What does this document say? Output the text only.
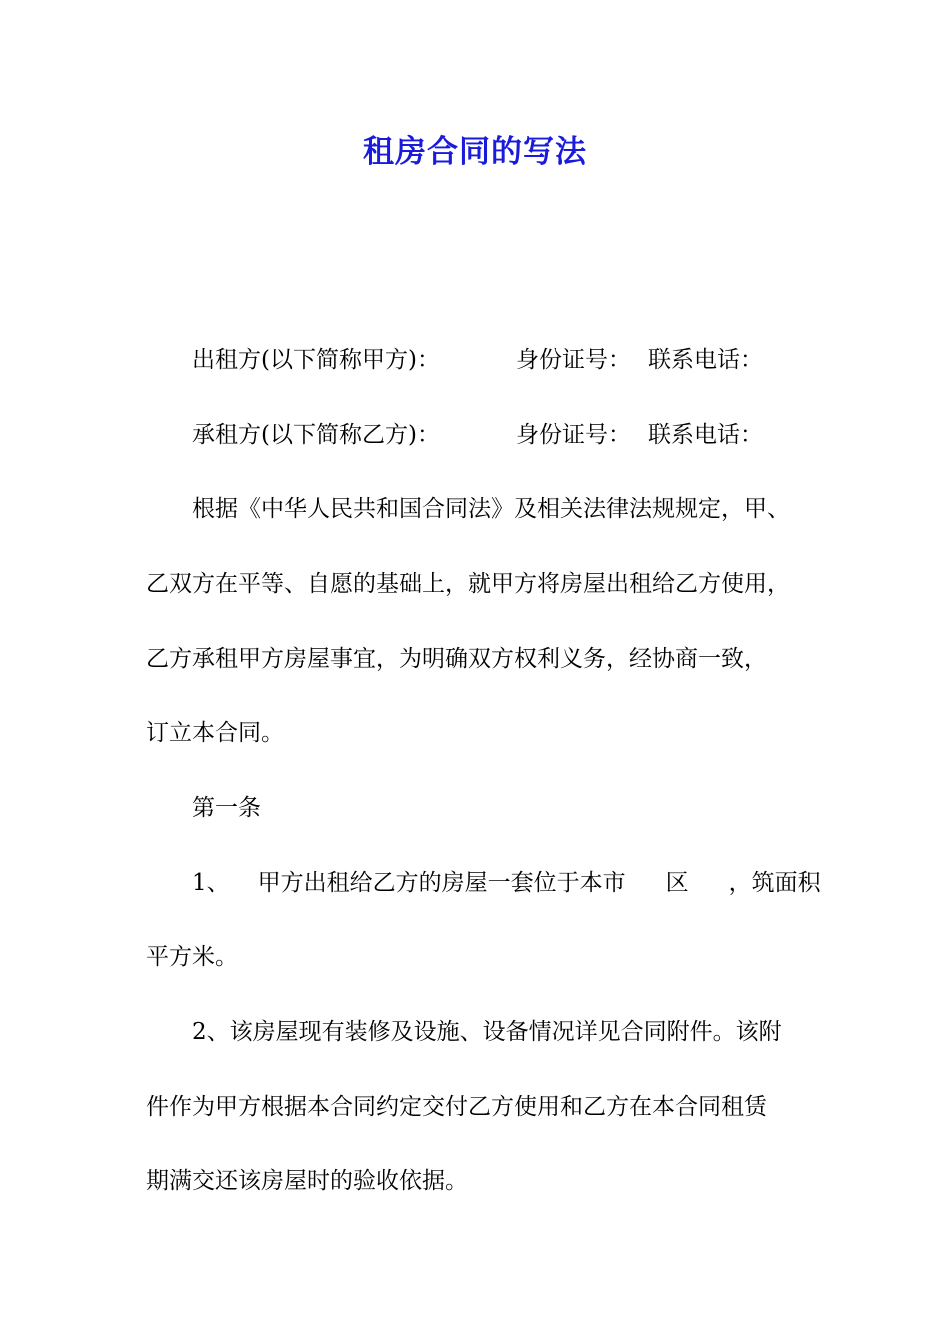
租房合同的写法
出租方(以下简称甲方)：	身份证号： 联系电话：
承租方(以下简称乙方)：	身份证号： 联系电话：

根据《中华人民共和国合同法》及相关法律法规规定，甲、

乙双方在平等、自愿的基础上，就甲方将房屋出租给乙方使用，

乙方承租甲方房屋事宜，为明确双方权利义务，经协商一致，

订立本合同。

第一条

1、 甲方出租给乙方的房屋一套位于本市 区 ，筑面积

平方米。

2、该房屋现有装修及设施、设备情况详见合同附件。该附

件作为甲方根据本合同约定交付乙方使用和乙方在本合同租赁

期满交还该房屋时的验收依据。
